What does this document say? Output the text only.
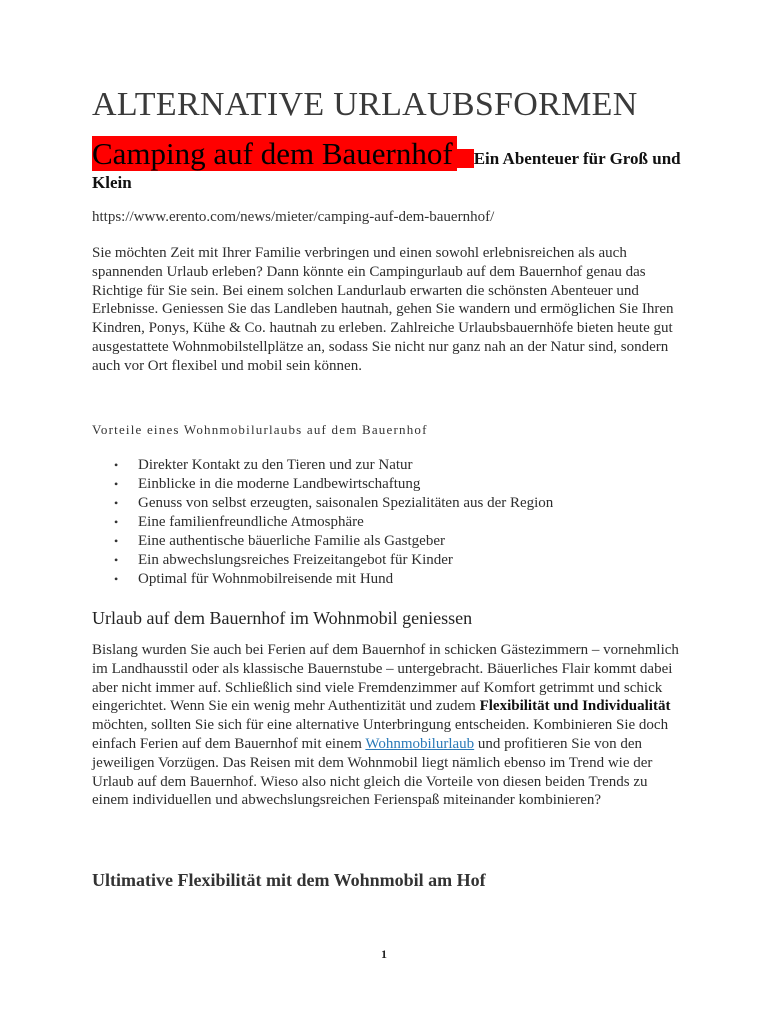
ALTERNATIVE URLAUBSFORMEN
Camping auf dem Bauernhof – Ein Abenteuer für Groß und Klein
https://www.erento.com/news/mieter/camping-auf-dem-bauernhof/
Sie möchten Zeit mit Ihrer Familie verbringen und einen sowohl erlebnisreichen als auch spannenden Urlaub erleben? Dann könnte ein Campingurlaub auf dem Bauernhof genau das Richtige für Sie sein. Bei einem solchen Landurlaub erwarten die schönsten Abenteuer und Erlebnisse. Geniessen Sie das Landleben hautnah, gehen Sie wandern und ermöglichen Sie Ihren Kindren, Ponys, Kühe & Co. hautnah zu erleben. Zahlreiche Urlaubsbauernhöfe bieten heute gut ausgestattete Wohnmobilstellplätze an, sodass Sie nicht nur ganz nah an der Natur sind, sondern auch vor Ort flexibel und mobil sein können.
Vorteile eines Wohnmobilurlaubs auf dem Bauernhof
• Direkter Kontakt zu den Tieren und zur Natur
• Einblicke in die moderne Landbewirtschaftung
• Genuss von selbst erzeugten, saisonalen Spezialitäten aus der Region
• Eine familienfreundliche Atmosphäre
• Eine authentische bäuerliche Familie als Gastgeber
• Ein abwechslungsreiches Freizeitangebot für Kinder
• Optimal für Wohnmobilreisende mit Hund
Urlaub auf dem Bauernhof im Wohnmobil geniessen
Bislang wurden Sie auch bei Ferien auf dem Bauernhof in schicken Gästezimmern – vornehmlich im Landhausstil oder als klassische Bauernstube – untergebracht. Bäuerliches Flair kommt dabei aber nicht immer auf. Schließlich sind viele Fremdenzimmer auf Komfort getrimmt und schick eingerichtet. Wenn Sie ein wenig mehr Authentizität und zudem Flexibilität und Individualität möchten, sollten Sie sich für eine alternative Unterbringung entscheiden. Kombinieren Sie doch einfach Ferien auf dem Bauernhof mit einem Wohnmobilurlaub und profitieren Sie von den jeweiligen Vorzügen. Das Reisen mit dem Wohnmobil liegt nämlich ebenso im Trend wie der Urlaub auf dem Bauernhof. Wieso also nicht gleich die Vorteile von diesen beiden Trends zu einem individuellen und abwechslungsreichen Ferienspaß miteinander kombinieren?
Ultimative Flexibilität mit dem Wohnmobil am Hof
1
